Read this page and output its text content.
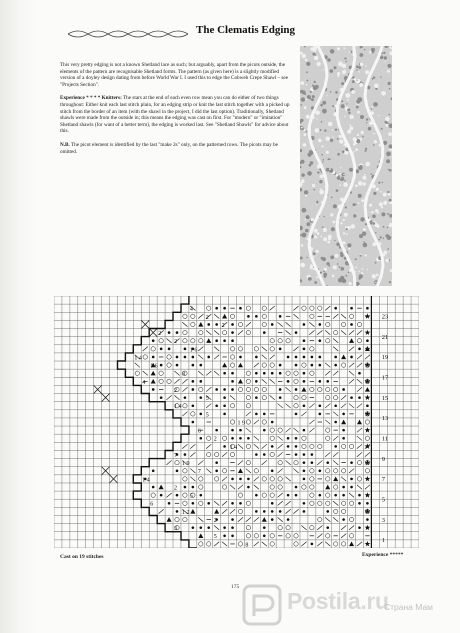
The Clematis Edging

This very pretty edging is not a known Shetland lace as such; but arguably, apart from the picots outside, the elements of the pattern are recognisable Shetland forms. The pattern (as given here) is a slightly modified version of a doyley design dating from before World War I. I used this to edge the Cobweb Crepe Shawl – see "Projects Section".

Experience * * * * Knitters: The stars at the end of each even row mean you can do either of two things throughout: Either knit each last stitch plain, for an edging strip or knit the last stitch together with a picked up stitch from the border of an item (with the shawl in the project, I did the last option). Traditionally, Shetland shawls were made from the outside in; this means the edging was cast on first. For "modern" or "imitation" Shetland shawls (for want of a better term), the edging is worked last. See "Shetland Shawls" for advice about this.

N.B. The picot element is identified by the last "make 2s" only, on the patterned rows. The picots may be omitted.

23
21
19
17
15
13
11
9
7
5
3
1
4
2
2
2
2
1 6
1 4
1 6
8
4
2
5
1 4
5
1 9
6
2
1 4
7
1 9
7
1 4
2
5
6
1 2
2
3
5
8
Cast on 19 stitches	Experience *****
175
Postila.ru
Страна Мам
